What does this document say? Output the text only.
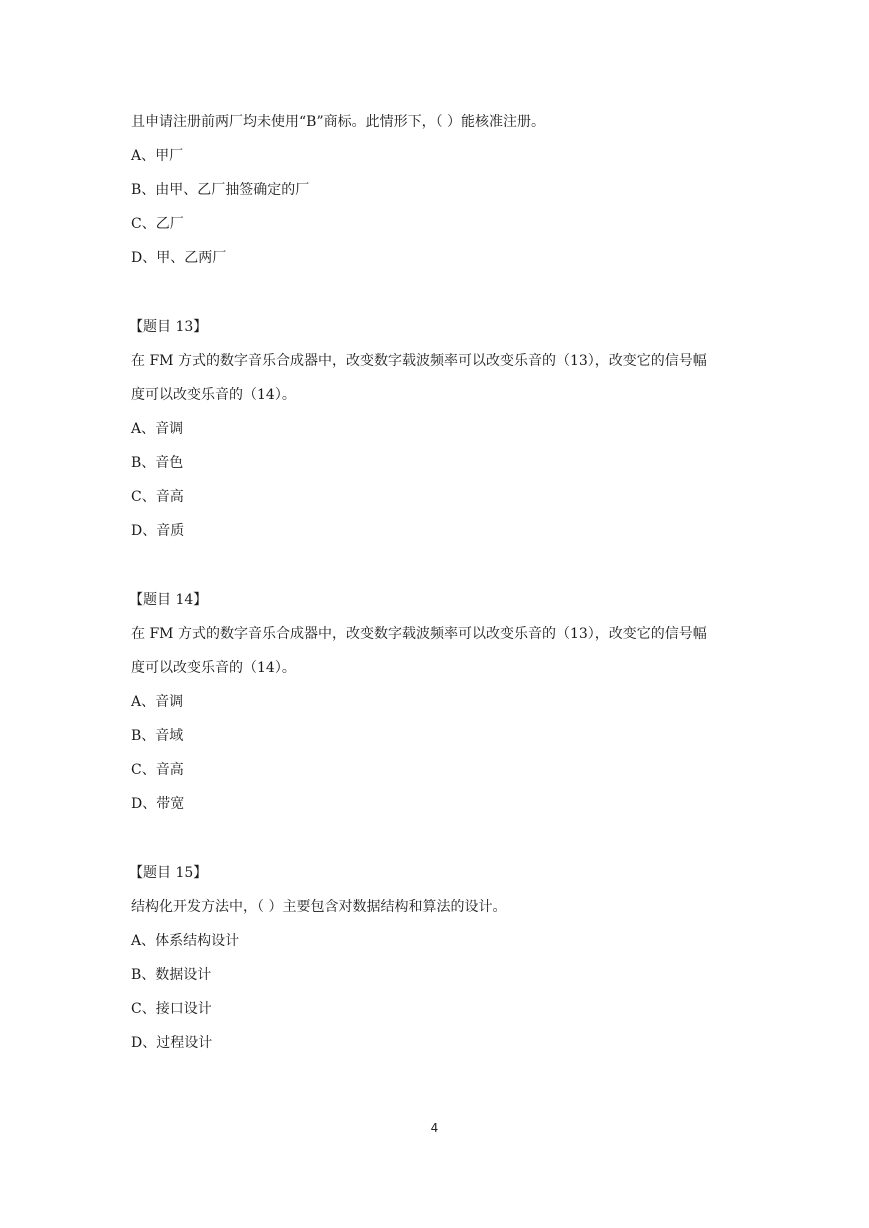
且申请注册前两厂均未使用“B”商标。此情形下，（ ）能核准注册。
A、甲厂
B、由甲、乙厂抽签确定的厂
C、乙厂
D、甲、乙两厂
【题目 13】
在 FM 方式的数字音乐合成器中，改变数字载波频率可以改变乐音的（13），改变它的信号幅
度可以改变乐音的（14）。
A、音调
B、音色
C、音高
D、音质
【题目 14】
在 FM 方式的数字音乐合成器中，改变数字载波频率可以改变乐音的（13），改变它的信号幅
度可以改变乐音的（14）。
A、音调
B、音域
C、音高
D、带宽
【题目 15】
结构化开发方法中，（ ）主要包含对数据结构和算法的设计。
A、体系结构设计
B、数据设计
C、接口设计
D、过程设计
4
